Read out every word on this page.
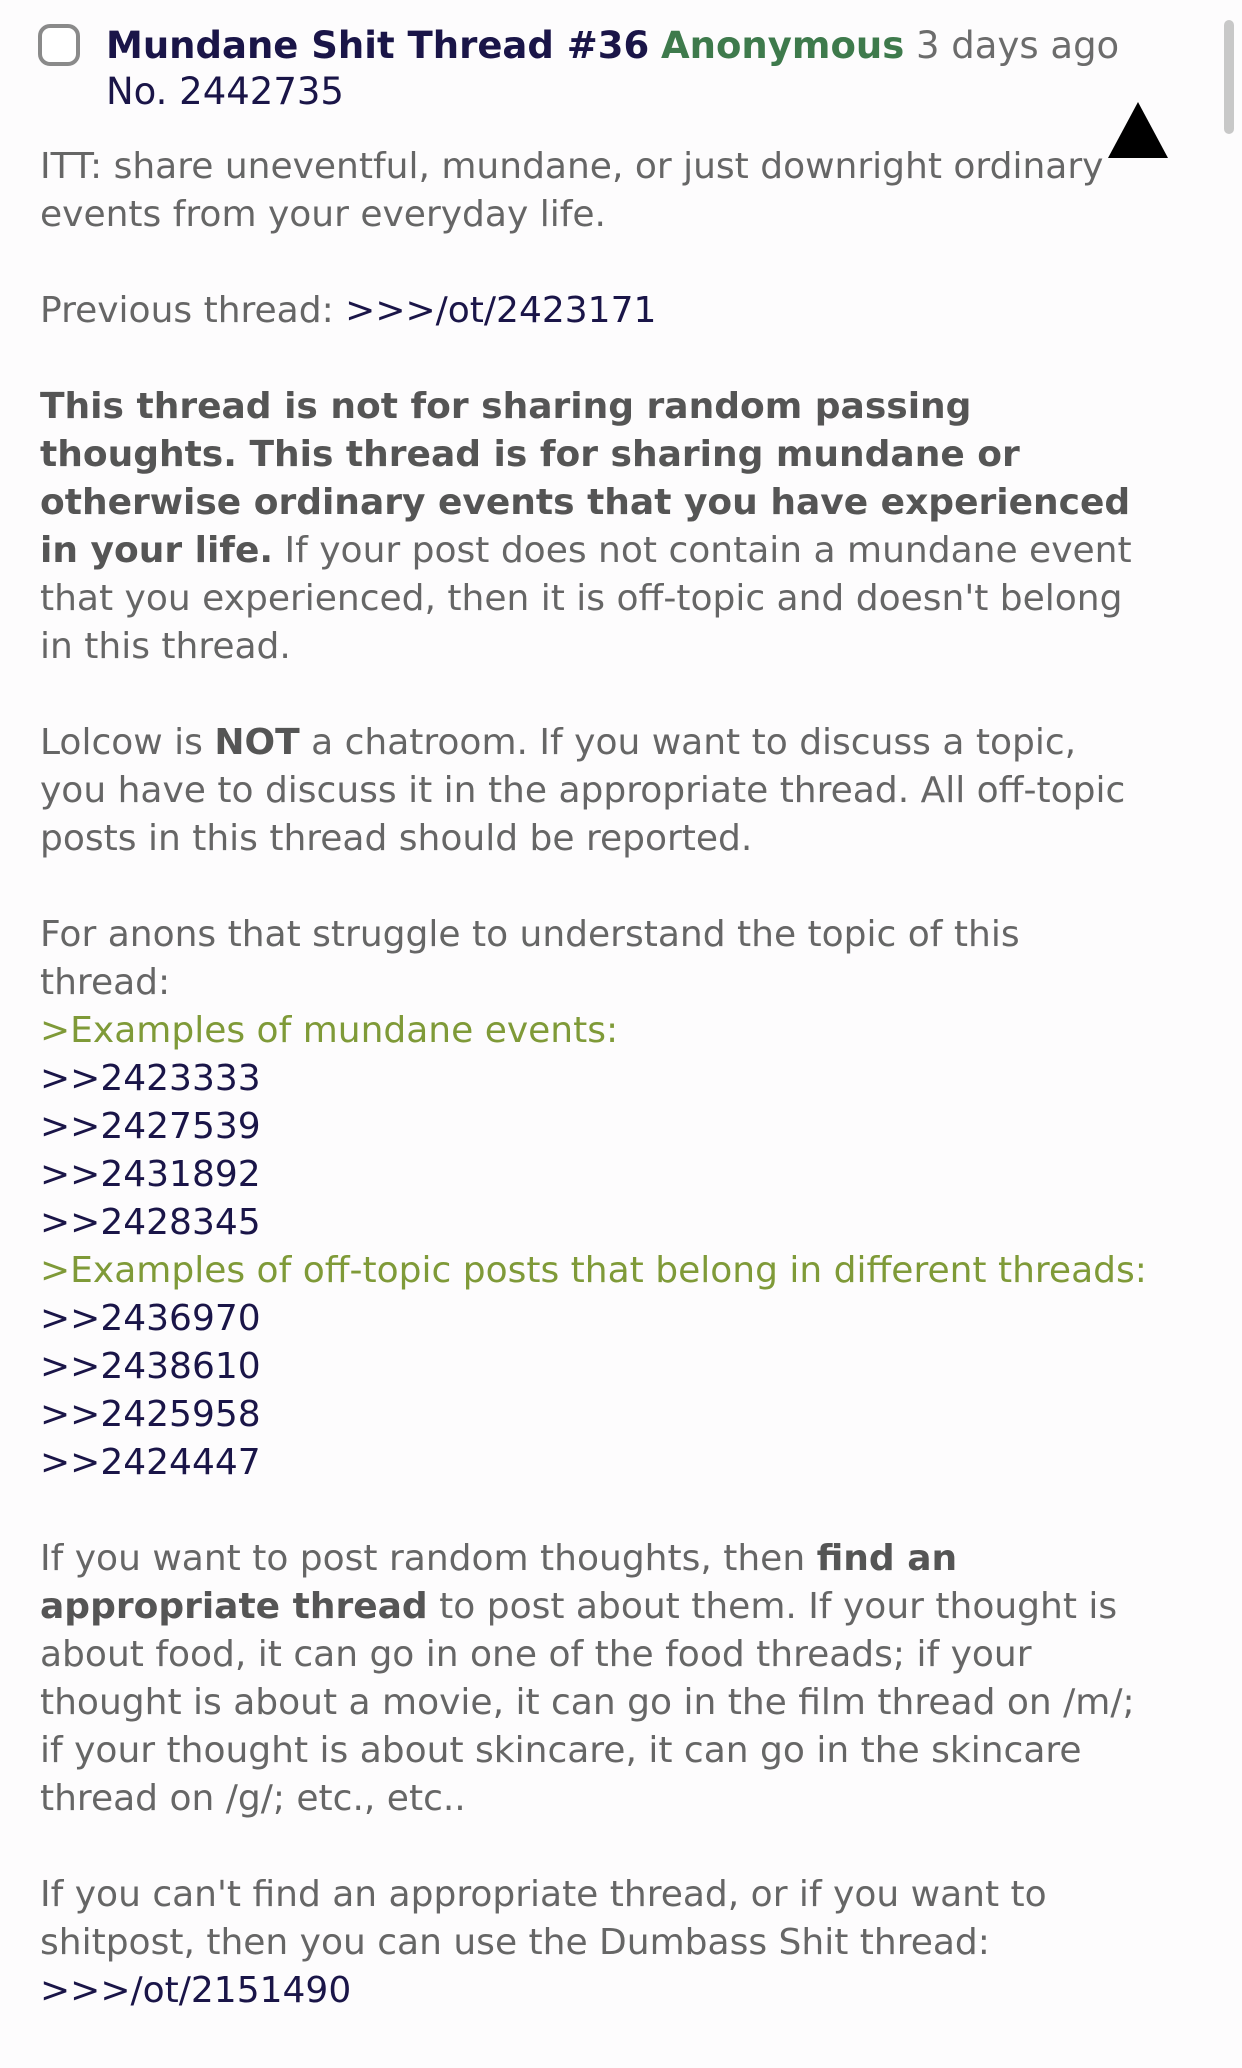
Mundane Shit Thread #36 Anonymous 3 days ago
No. 2442735

ITT: share uneventful, mundane, or just downright ordinary events from your everyday life.

Previous thread: >>>/ot/2423171

This thread is not for sharing random passing thoughts. This thread is for sharing mundane or otherwise ordinary events that you have experienced in your life. If your post does not contain a mundane event that you experienced, then it is off-topic and doesn't belong in this thread.

Lolcow is NOT a chatroom. If you want to discuss a topic, you have to discuss it in the appropriate thread. All off-topic posts in this thread should be reported.

For anons that struggle to understand the topic of this thread:

>Examples of mundane events:

>>2423333

>>2427539

>>2431892

>>2428345

>Examples of off-topic posts that belong in different threads:

>>2436970

>>2438610

>>2425958

>>2424447

If you want to post random thoughts, then find an appropriate thread to post about them. If your thought is about food, it can go in one of the food threads; if your thought is about a movie, it can go in the film thread on /m/; if your thought is about skincare, it can go in the skincare thread on /g/; etc., etc..

If you can't find an appropriate thread, or if you want to shitpost, then you can use the Dumbass Shit thread:

>>>/ot/2151490
